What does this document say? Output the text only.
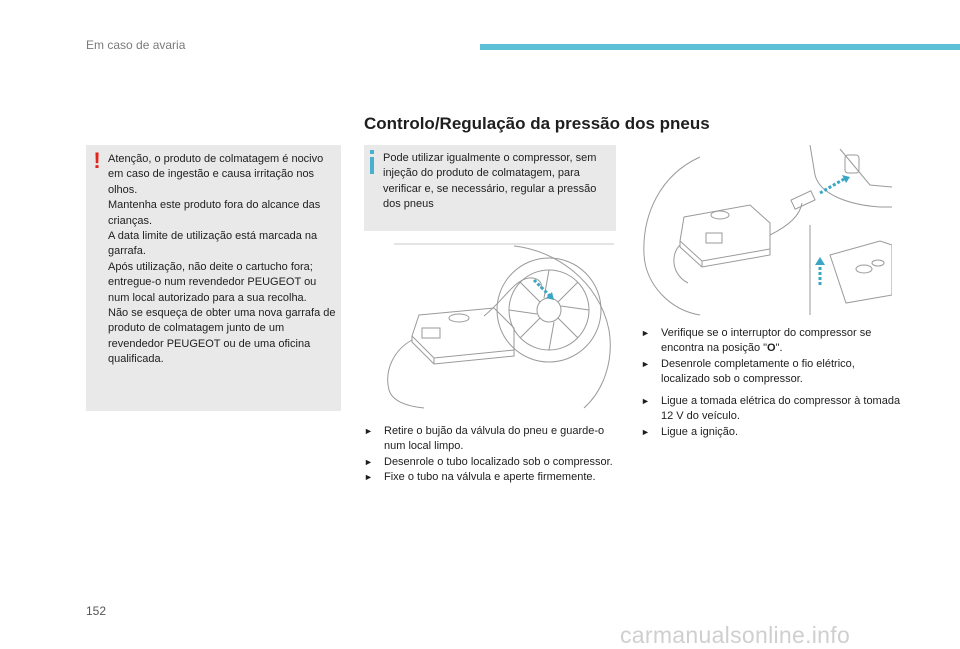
Em caso de avaria
Controlo/Regulação da pressão dos pneus
! Atenção, o produto de colmatagem é nocivo em caso de ingestão e causa irritação nos olhos.

Mantenha este produto fora do alcance das crianças.

A data limite de utilização está marcada na garrafa.

Após utilização, não deite o cartucho fora; entregue-o num revendedor PEUGEOT ou num local autorizado para a sua recolha.

Não se esqueça de obter uma nova garrafa de produto de colmatagem junto de um revendedor PEUGEOT ou de uma oficina qualificada.

Pode utilizar igualmente o compressor, sem injeção do produto de colmatagem, para verificar e, se necessário, regular a pressão dos pneus
► Retire o bujão da válvula do pneu e guarde-o num local limpo.
► Desenrole o tubo localizado sob o compressor.
► Fixe o tubo na válvula e aperte firmemente.
► Verifique se o interruptor do compressor se encontra na posição "O".
► Desenrole completamente o fio elétrico, localizado sob o compressor.
► Ligue a tomada elétrica do compressor à tomada 12 V do veículo.
► Ligue a ignição.
152
carmanualsonline.info
